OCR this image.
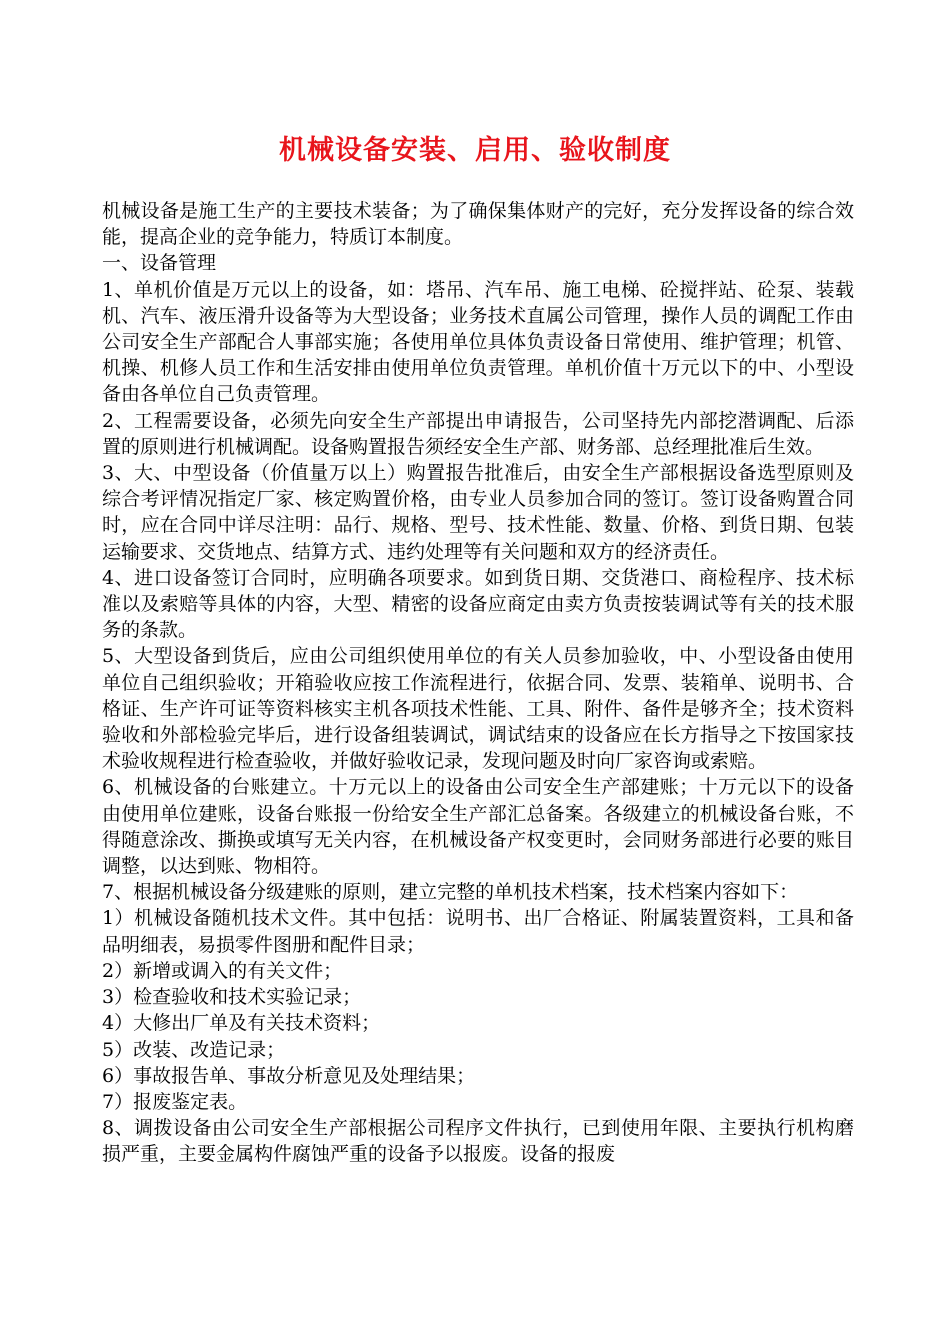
机械设备安装、启用、验收制度

机械设备是施工生产的主要技术装备；为了确保集体财产的完好，充分发挥设备的综合效能，提高企业的竞争能力，特质订本制度。

一、设备管理

1、单机价值是万元以上的设备，如：塔吊、汽车吊、施工电梯、砼搅拌站、砼泵、装载机、汽车、液压滑升设备等为大型设备；业务技术直属公司管理，操作人员的调配工作由公司安全生产部配合人事部实施；各使用单位具体负责设备日常使用、维护管理；机管、机操、机修人员工作和生活安排由使用单位负责管理。单机价值十万元以下的中、小型设备由各单位自己负责管理。

2、工程需要设备，必须先向安全生产部提出申请报告，公司坚持先内部挖潜调配、后添置的原则进行机械调配。设备购置报告须经安全生产部、财务部、总经理批准后生效。

3、大、中型设备（价值量万以上）购置报告批准后，由安全生产部根据设备选型原则及综合考评情况指定厂家、核定购置价格，由专业人员参加合同的签订。签订设备购置合同时，应在合同中详尽注明：品行、规格、型号、技术性能、数量、价格、到货日期、包装运输要求、交货地点、结算方式、违约处理等有关问题和双方的经济责任。

4、进口设备签订合同时，应明确各项要求。如到货日期、交货港口、商检程序、技术标准以及索赔等具体的内容，大型、精密的设备应商定由卖方负责按装调试等有关的技术服务的条款。

5、大型设备到货后，应由公司组织使用单位的有关人员参加验收，中、小型设备由使用单位自己组织验收；开箱验收应按工作流程进行，依据合同、发票、装箱单、说明书、合格证、生产许可证等资料核实主机各项技术性能、工具、附件、备件是够齐全；技术资料验收和外部检验完毕后，进行设备组装调试，调试结束的设备应在长方指导之下按国家技术验收规程进行检查验收，并做好验收记录，发现问题及时向厂家咨询或索赔。

6、机械设备的台账建立。十万元以上的设备由公司安全生产部建账；十万元以下的设备由使用单位建账，设备台账报一份给安全生产部汇总备案。各级建立的机械设备台账，不得随意涂改、撕换或填写无关内容，在机械设备产权变更时，会同财务部进行必要的账目调整，以达到账、物相符。

7、根据机械设备分级建账的原则，建立完整的单机技术档案，技术档案内容如下：

1）机械设备随机技术文件。其中包括：说明书、出厂合格证、附属装置资料，工具和备品明细表，易损零件图册和配件目录；

2）新增或调入的有关文件；

3）检查验收和技术实验记录；

4）大修出厂单及有关技术资料；

5）改装、改造记录；

6）事故报告单、事故分析意见及处理结果；

7）报废鉴定表。

8、调拨设备由公司安全生产部根据公司程序文件执行，已到使用年限、主要执行机构磨损严重，主要金属构件腐蚀严重的设备予以报废。设备的报废
